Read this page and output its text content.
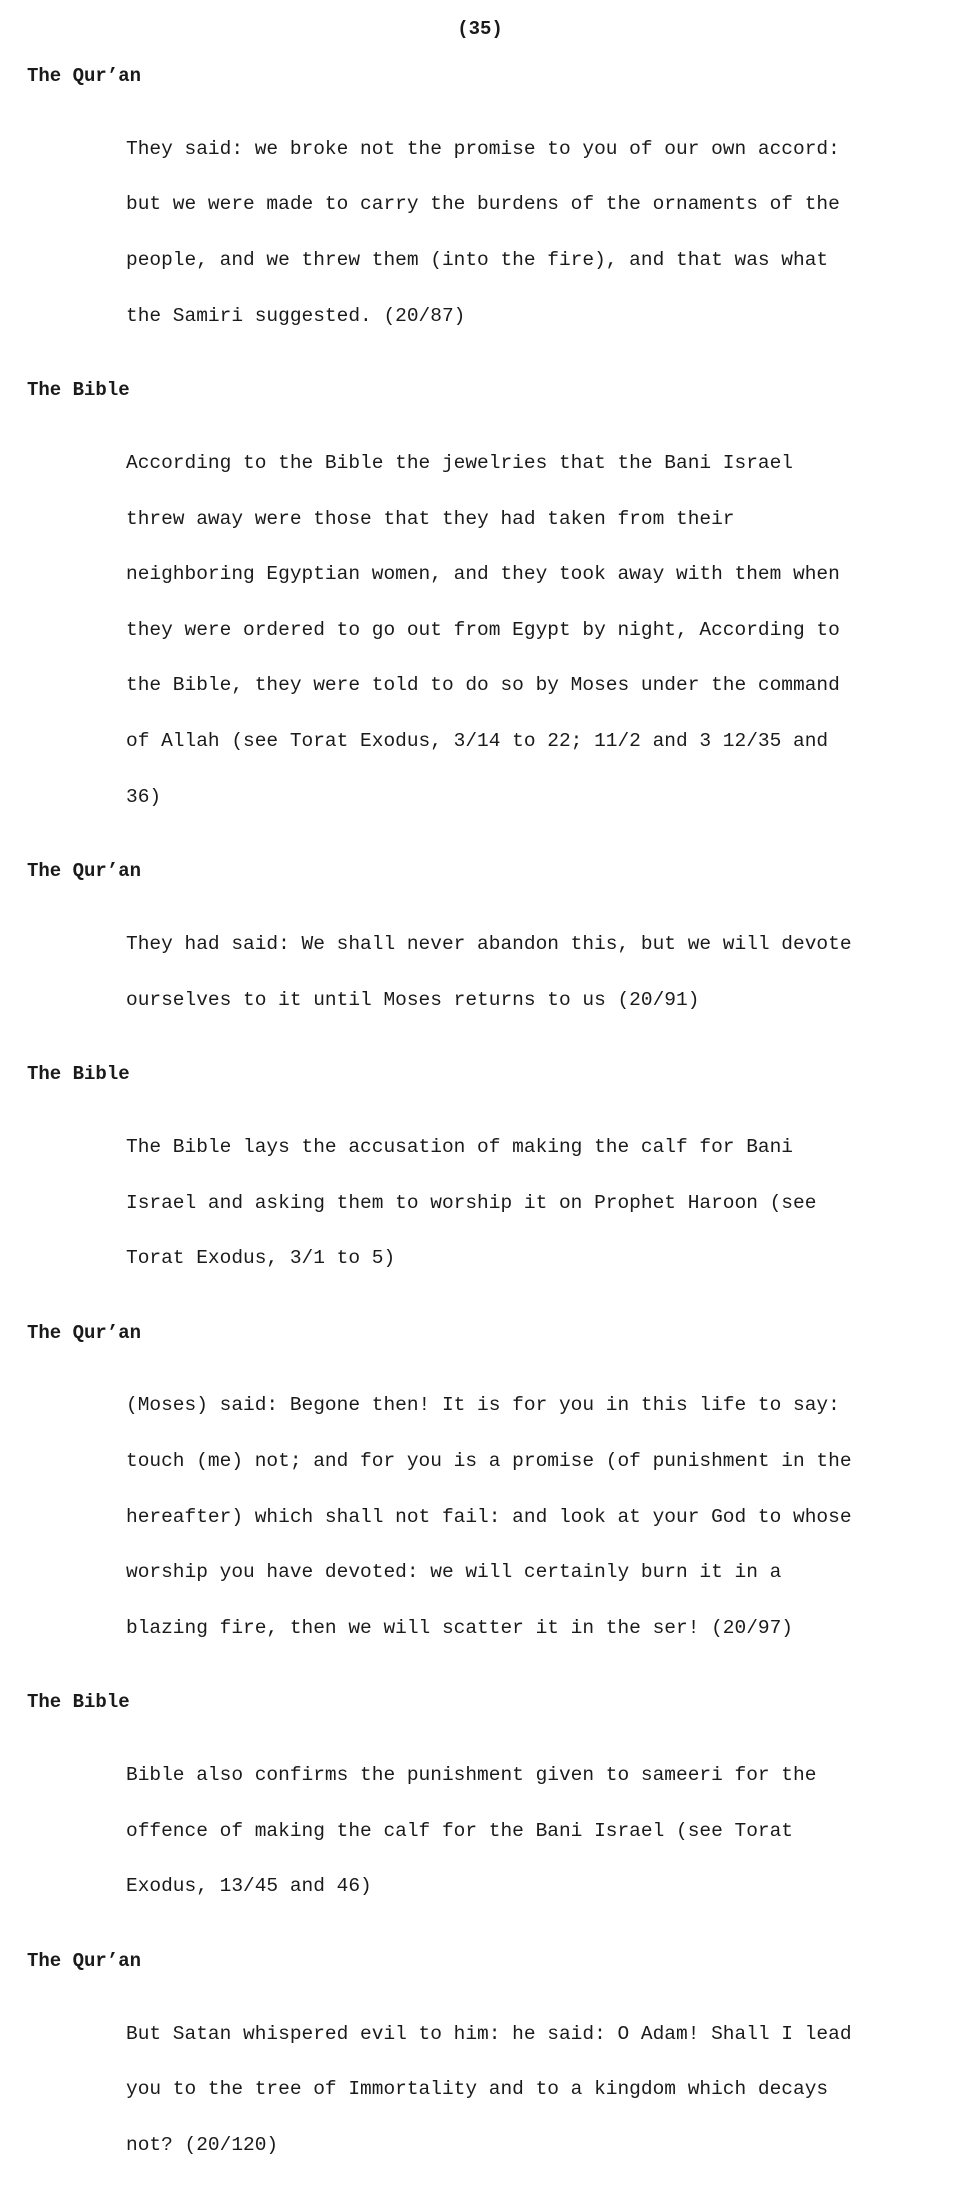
(35)
The Qur’an

They said: we broke not the promise to you of our own accord:

but we were made to carry the burdens of the ornaments of the

people, and we threw them (into the fire), and that was what

the Samiri suggested. (20/87)

The Bible

According to the Bible the jewelries that the Bani Israel

threw away were those that they had taken from their

neighboring Egyptian women, and they took away with them when

they were ordered to go out from Egypt by night, According to

the Bible, they were told to do so by Moses under the command

of Allah (see Torat Exodus, 3/14 to 22; 11/2 and 3 12/35 and

36)

The Qur’an

They had said: We shall never abandon this, but we will devote

ourselves to it until Moses returns to us (20/91)

The Bible

The Bible lays the accusation of making the calf for Bani

Israel and asking them to worship it on Prophet Haroon (see

Torat Exodus, 3/1 to 5)

The Qur’an

(Moses) said: Begone then! It is for you in this life to say:

touch (me) not; and for you is a promise (of punishment in the

hereafter) which shall not fail: and look at your God to whose

worship you have devoted: we will certainly burn it in a

blazing fire, then we will scatter it in the ser! (20/97)

The Bible

Bible also confirms the punishment given to sameeri for the

offence of making the calf for the Bani Israel (see Torat

Exodus, 13/45 and 46)

The Qur’an

But Satan whispered evil to him: he said: O Adam! Shall I lead

you to the tree of Immortality and to a kingdom which decays

not? (20/120)
